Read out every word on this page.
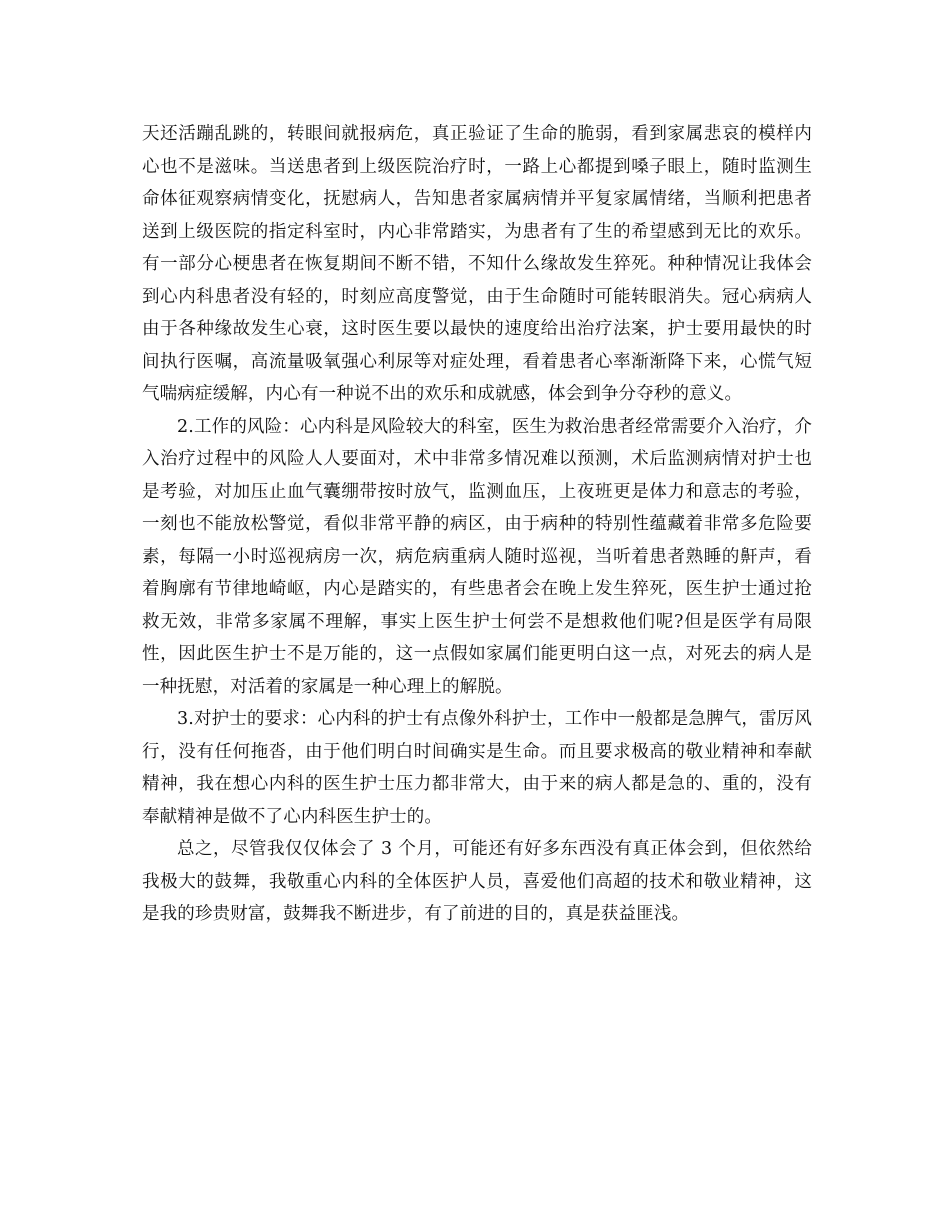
天还活蹦乱跳的，转眼间就报病危，真正验证了生命的脆弱，看到家属悲哀的模样内心也不是滋味。当送患者到上级医院治疗时，一路上心都提到嗓子眼上，随时监测生命体征观察病情变化，抚慰病人，告知患者家属病情并平复家属情绪，当顺利把患者送到上级医院的指定科室时，内心非常踏实，为患者有了生的希望感到无比的欢乐。有一部分心梗患者在恢复期间不断不错，不知什么缘故发生猝死。种种情况让我体会到心内科患者没有轻的，时刻应高度警觉，由于生命随时可能转眼消失。冠心病病人由于各种缘故发生心衰，这时医生要以最快的速度给出治疗法案，护士要用最快的时间执行医嘱，高流量吸氧强心利尿等对症处理，看着患者心率渐渐降下来，心慌气短气喘病症缓解，内心有一种说不出的欢乐和成就感，体会到争分夺秒的意义。

2.工作的风险：心内科是风险较大的科室，医生为救治患者经常需要介入治疗，介入治疗过程中的风险人人要面对，术中非常多情况难以预测，术后监测病情对护士也是考验，对加压止血气囊绷带按时放气，监测血压，上夜班更是体力和意志的考验，一刻也不能放松警觉，看似非常平静的病区，由于病种的特别性蕴藏着非常多危险要素，每隔一小时巡视病房一次，病危病重病人随时巡视，当听着患者熟睡的鼾声，看着胸廓有节律地崎岖，内心是踏实的，有些患者会在晚上发生猝死，医生护士通过抢救无效，非常多家属不理解，事实上医生护士何尝不是想救他们呢?但是医学有局限性，因此医生护士不是万能的，这一点假如家属们能更明白这一点，对死去的病人是一种抚慰，对活着的家属是一种心理上的解脱。

3.对护士的要求：心内科的护士有点像外科护士，工作中一般都是急脾气，雷厉风行，没有任何拖沓，由于他们明白时间确实是生命。而且要求极高的敬业精神和奉献精神，我在想心内科的医生护士压力都非常大，由于来的病人都是急的、重的，没有奉献精神是做不了心内科医生护士的。

总之，尽管我仅仅体会了 3 个月，可能还有好多东西没有真正体会到，但依然给我极大的鼓舞，我敬重心内科的全体医护人员，喜爱他们高超的技术和敬业精神，这是我的珍贵财富，鼓舞我不断进步，有了前进的目的，真是获益匪浅。
